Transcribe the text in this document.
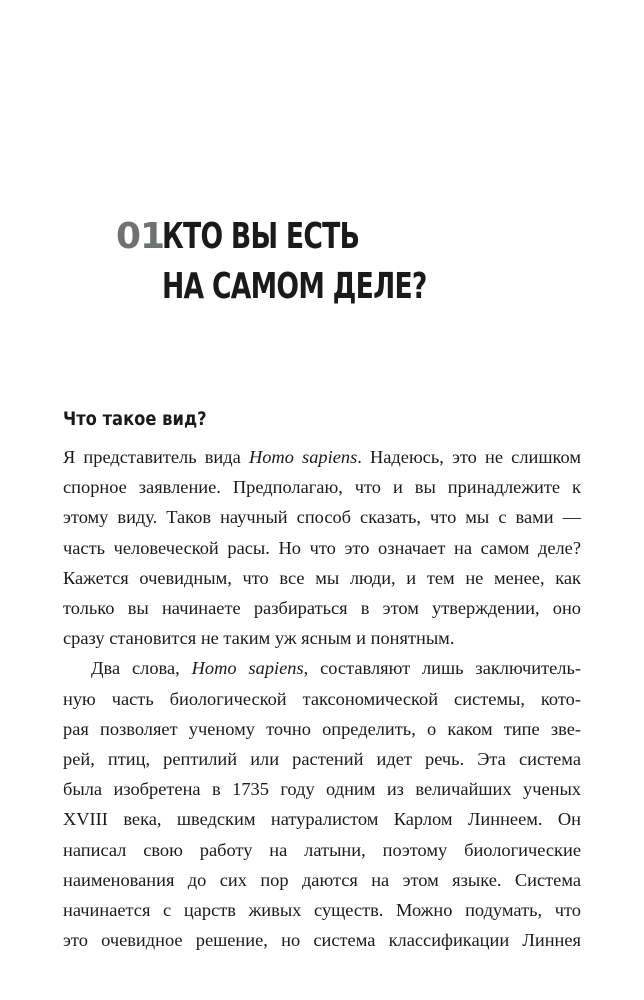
01КТО ВЫ ЕСТЬ
НА САМОМ ДЕЛЕ?
Что такое вид?
Я представитель вида Homo sapiens. Надеюсь, это не слишком
спорное заявление. Предполагаю, что и вы принадлежите к
этому виду. Таков научный способ сказать, что мы с вами —
часть человеческой расы. Но что это означает на самом деле?
Кажется очевидным, что все мы люди, и тем не менее, как
только вы начинаете разбираться в этом утверждении, оно
сразу становится не таким уж ясным и понятным.
Два слова, Homo sapiens, составляют лишь заключитель-
ную часть биологической таксономической системы, кото-
рая позволяет ученому точно определить, о каком типе зве-
рей, птиц, рептилий или растений идет речь. Эта система
была изобретена в 1735 году одним из величайших ученых
XVIII века, шведским натуралистом Карлом Линнеем. Он
написал свою работу на латыни, поэтому биологические
наименования до сих пор даются на этом языке. Система
начинается с царств живых существ. Можно подумать, что
это очевидное решение, но система классификации Линнея
